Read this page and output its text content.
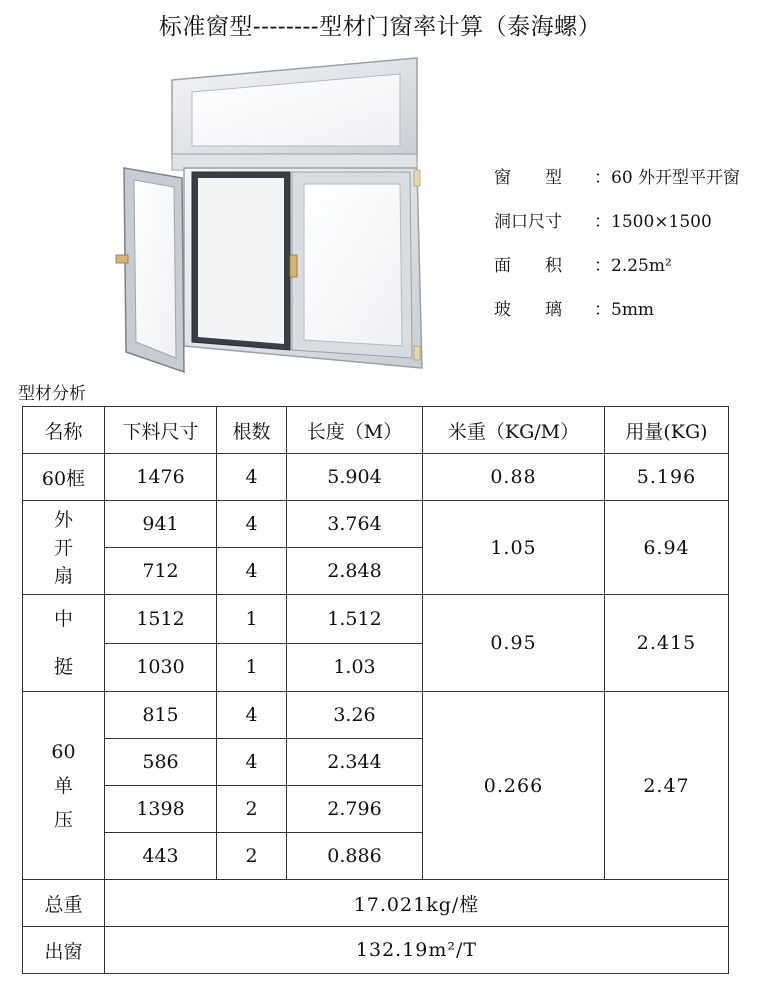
标准窗型--------型材门窗率计算（泰海螺）
窗型 ：60 外开型平开窗
洞口尺寸 ：1500×1500
面积 ：2.25m²
玻璃 ：5mm
型材分析
名称	下料尺寸	根数	长度（M）	米重（KG/M）	用量(KG)
60框	1476	4	5.904	0.88	5.196

外开扇	941	4	3.764	1.05	6.94
	712	4	2.848		

中挺	1512	1	1.512	0.95	2.415
	1030	1	1.03		

60单压	815	4	3.26	0.266	2.47
	586	4	2.344		
	1398	2	2.796		
	443	2	0.886		
总重	17.021kg/樘				
出窗	132.19m²/T				
